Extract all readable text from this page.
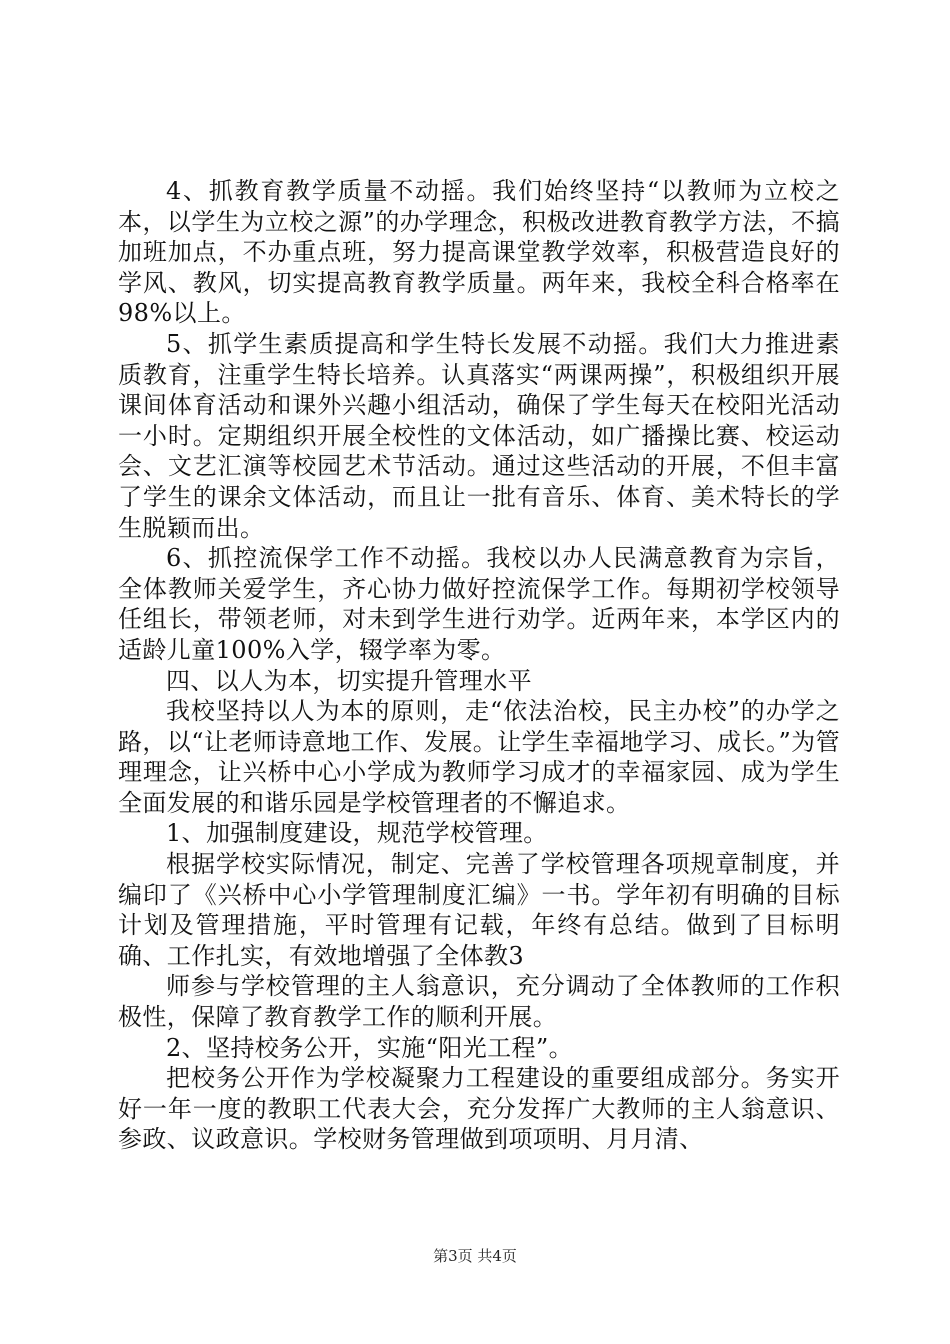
4、抓教育教学质量不动摇。我们始终坚持“以教师为立校之本，以学生为立校之源”的办学理念，积极改进教育教学方法，不搞加班加点，不办重点班，努力提高课堂教学效率，积极营造良好的学风、教风，切实提高教育教学质量。两年来，我校全科合格率在98%以上。

5、抓学生素质提高和学生特长发展不动摇。我们大力推进素质教育，注重学生特长培养。认真落实“两课两操”，积极组织开展课间体育活动和课外兴趣小组活动，确保了学生每天在校阳光活动一小时。定期组织开展全校性的文体活动，如广播操比赛、校运动会、文艺汇演等校园艺术节活动。通过这些活动的开展，不但丰富了学生的课余文体活动，而且让一批有音乐、体育、美术特长的学生脱颖而出。

6、抓控流保学工作不动摇。我校以办人民满意教育为宗旨，全体教师关爱学生，齐心协力做好控流保学工作。每期初学校领导任组长，带领老师，对未到学生进行劝学。近两年来，本学区内的适龄儿童100%入学，辍学率为零。

四、以人为本，切实提升管理水平

我校坚持以人为本的原则，走“依法治校，民主办校”的办学之路，以“让老师诗意地工作、发展。让学生幸福地学习、成长。”为管理理念，让兴桥中心小学成为教师学习成才的幸福家园、成为学生全面发展的和谐乐园是学校管理者的不懈追求。

1、加强制度建设，规范学校管理。

根据学校实际情况，制定、完善了学校管理各项规章制度，并编印了《兴桥中心小学管理制度汇编》一书。学年初有明确的目标计划及管理措施，平时管理有记载，年终有总结。做到了目标明确、工作扎实，有效地增强了全体教3

师参与学校管理的主人翁意识，充分调动了全体教师的工作积极性，保障了教育教学工作的顺利开展。

2、坚持校务公开，实施“阳光工程”。

把校务公开作为学校凝聚力工程建设的重要组成部分。务实开好一年一度的教职工代表大会，充分发挥广大教师的主人翁意识、参政、议政意识。学校财务管理做到项项明、月月清、

第3页 共4页
